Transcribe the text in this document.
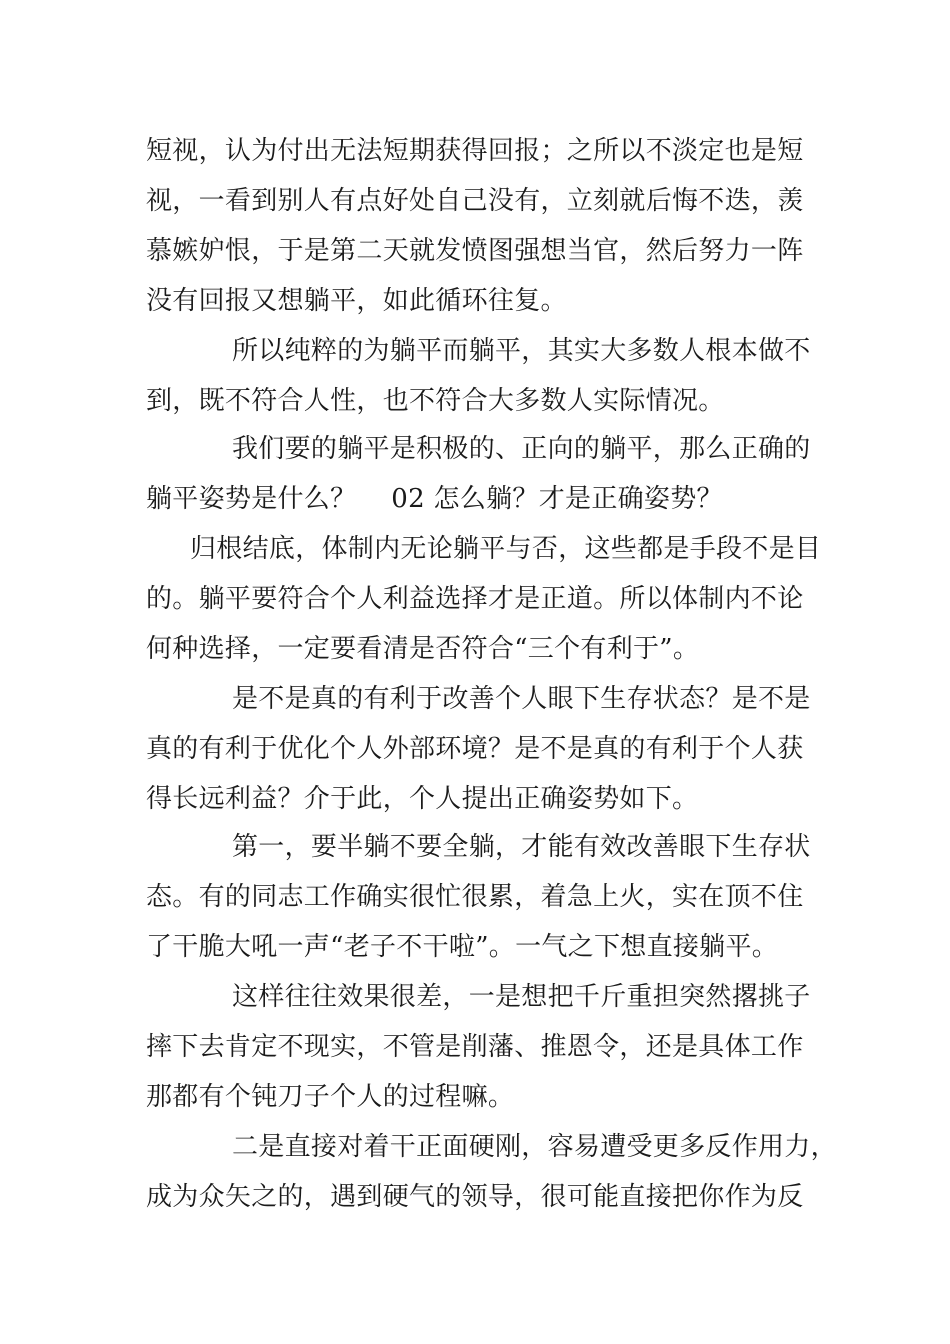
短视，认为付出无法短期获得回报；之所以不淡定也是短
视，一看到别人有点好处自己没有，立刻就后悔不迭，羡
慕嫉妒恨，于是第二天就发愤图强想当官，然后努力一阵
没有回报又想躺平，如此循环往复。
所以纯粹的为躺平而躺平，其实大多数人根本做不
到，既不符合人性，也不符合大多数人实际情况。
我们要的躺平是积极的、正向的躺平，那么正确的
躺平姿势是什么？　 02 怎么躺？才是正确姿势？
归根结底，体制内无论躺平与否，这些都是手段不是目
的。躺平要符合个人利益选择才是正道。所以体制内不论
何种选择，一定要看清是否符合“三个有利于”。
是不是真的有利于改善个人眼下生存状态？是不是
真的有利于优化个人外部环境？是不是真的有利于个人获
得长远利益？介于此，个人提出正确姿势如下。
第一，要半躺不要全躺，才能有效改善眼下生存状
态。有的同志工作确实很忙很累，着急上火，实在顶不住
了干脆大吼一声“老子不干啦”。一气之下想直接躺平。
这样往往效果很差，一是想把千斤重担突然撂挑子
摔下去肯定不现实，不管是削藩、推恩令，还是具体工作
那都有个钝刀子个人的过程嘛。
二是直接对着干正面硬刚，容易遭受更多反作用力，
成为众矢之的，遇到硬气的领导，很可能直接把你作为反
